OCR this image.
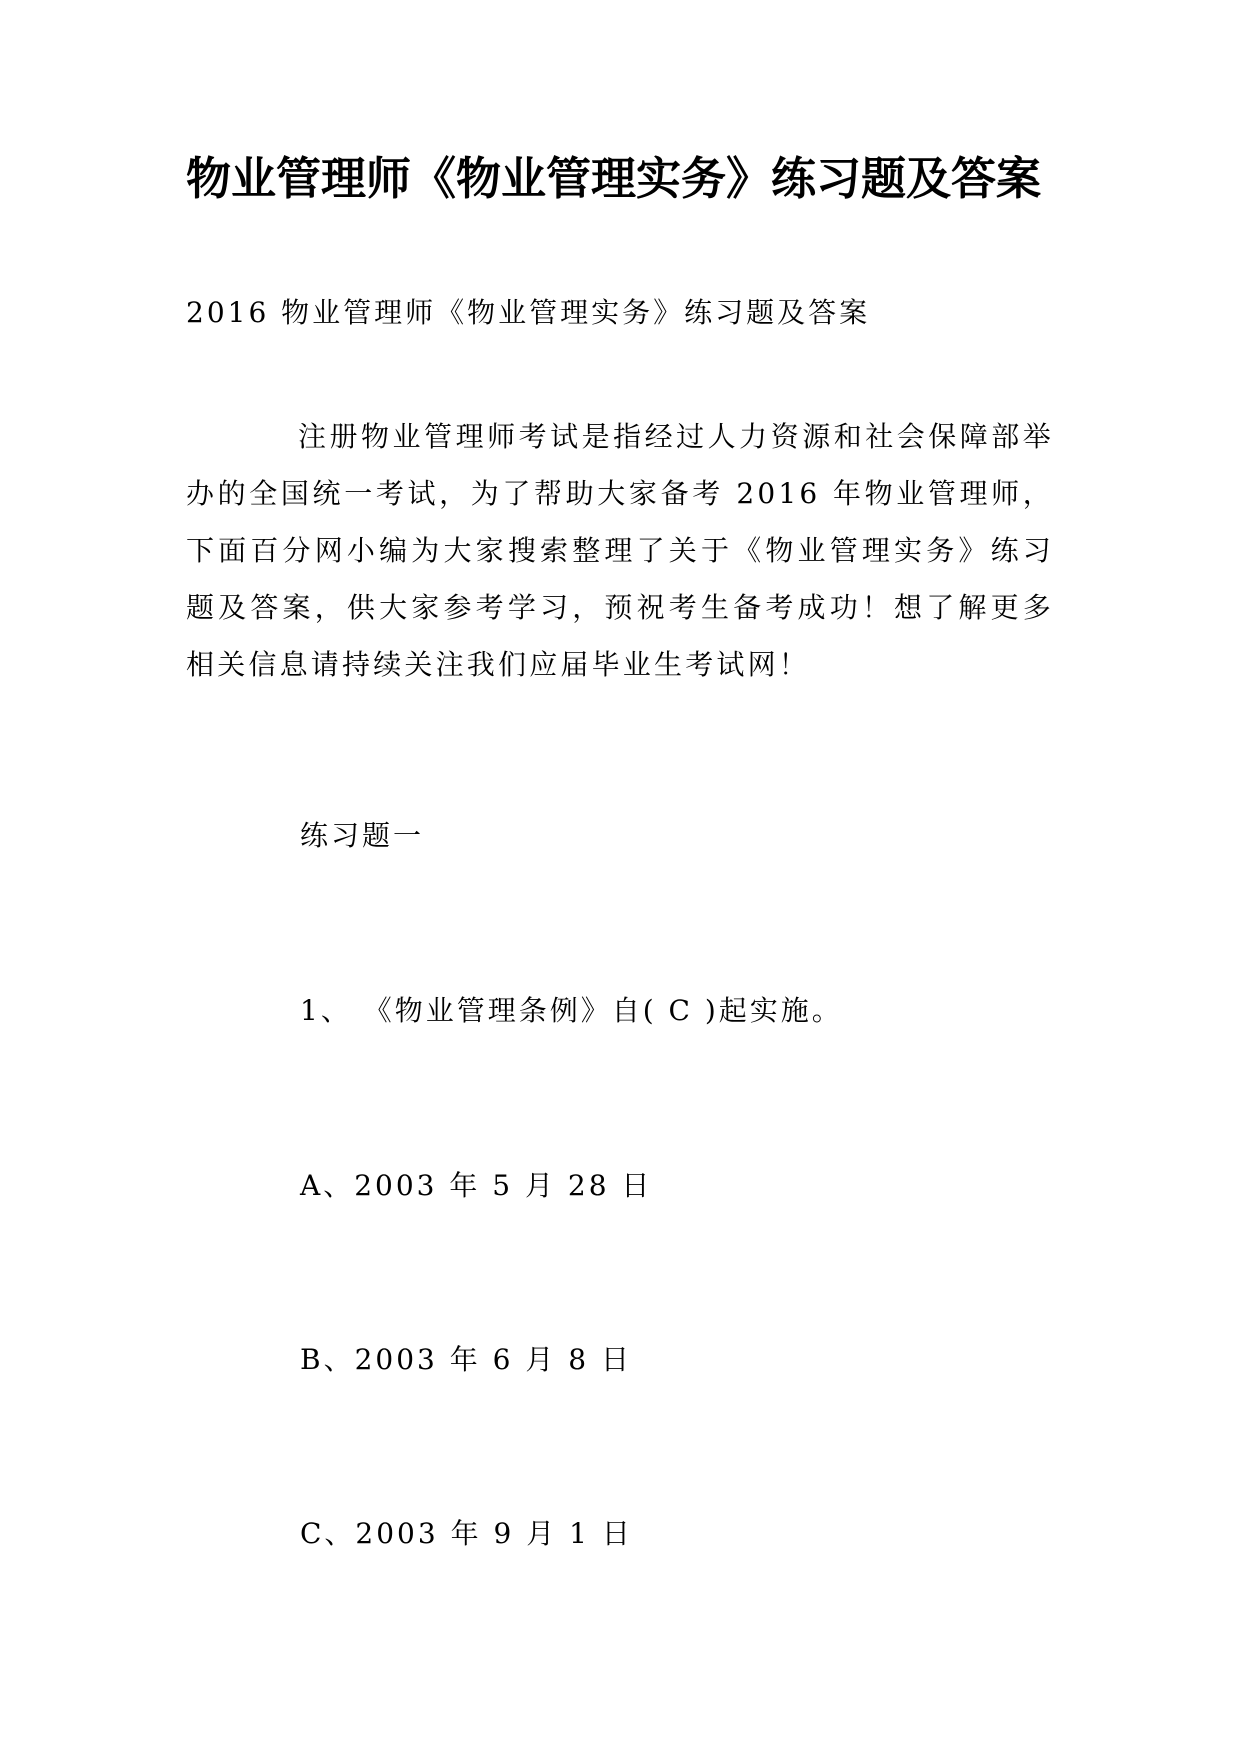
物业管理师《物业管理实务》练习题及答案
2016 物业管理师《物业管理实务》练习题及答案
注册物业管理师考试是指经过人力资源和社会保障部举办的全国统一考试，为了帮助大家备考 2016 年物业管理师，下面百分网小编为大家搜索整理了关于《物业管理实务》练习题及答案，供大家参考学习，预祝考生备考成功！想了解更多相关信息请持续关注我们应届毕业生考试网！
练习题一
1、 《物业管理条例》自( C )起实施。
A、2003 年 5 月 28 日
B、2003 年 6 月 8 日
C、2003 年 9 月 1 日
